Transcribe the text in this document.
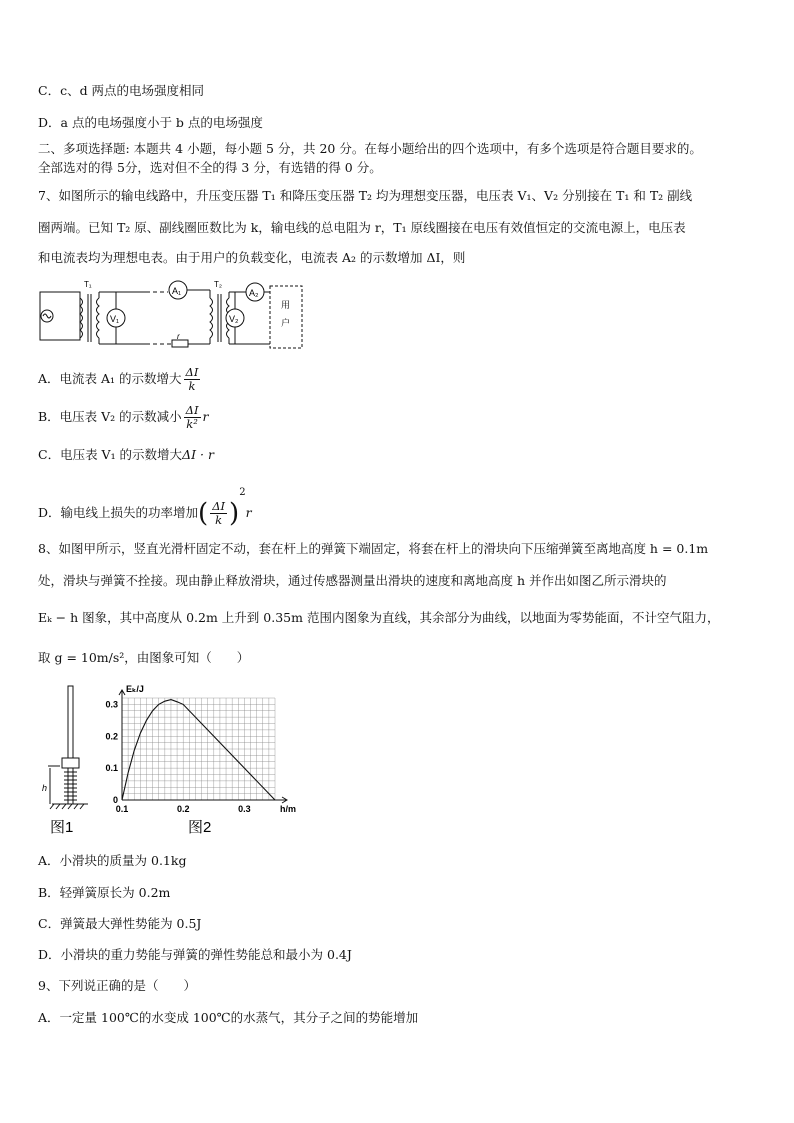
C．c、d 两点的电场强度相同
D．a 点的电场强度小于 b 点的电场强度
二、多项选择题: 本题共 4 小题，每小题 5 分，共 20 分。在每小题给出的四个选项中，有多个选项是符合题目要求的。
全部选对的得 5分，选对但不全的得 3 分，有选错的得 0 分。
7、如图所示的输电线路中，升压变压器 T₁ 和降压变压器 T₂ 均为理想变压器，电压表 V₁、V₂ 分别接在 T₁ 和 T₂ 副线
圈两端。已知 T₂ 原、副线圈匝数比为 k，输电线的总电阻为 r，T₁ 原线圈接在电压有效值恒定的交流电源上，电压表
和电流表均为理想电表。由于用户的负载变化，电流表 A₂ 的示数增加 ΔI，则
T₁	T₂
V₁
A₁
V₂
A₂
r
用
户
A．电流表 A₁ 的示数增大 $\frac{\Delta I}{k}$
B．电压表 V₂ 的示数减小 $\frac{\Delta I}{\text{k²}}$ r
C．电压表 V₁ 的示数增大ΔI · r
D．输电线上损失的功率增加( $\frac{\Delta I}{k} )^2r$
8、如图甲所示，竖直光滑杆固定不动，套在杆上的弹簧下端固定，将套在杆上的滑块向下压缩弹簧至离地高度 h = 0.1m
处，滑块与弹簧不拴接。现由静止释放滑块，通过传感器测量出滑块的速度和离地高度 h 并作出如图乙所示滑块的
Eₖ − h 图象，其中高度从 0.2m 上升到 0.35m 范围内图象为直线，其余部分为曲线，以地面为零势能面，不计空气阻力，
取 g = 10m/s²，由图象可知（　　）
h
图1
0
0.1
0.2
0.3
0.1	0.2	0.3
Eₖ/J
h/m
图2
A．小滑块的质量为 0.1kg
B．轻弹簧原长为 0.2m
C．弹簧最大弹性势能为 0.5J
D．小滑块的重力势能与弹簧的弹性势能总和最小为 0.4J
9、下列说正确的是（　　）
A．一定量 100℃的水变成 100℃的水蒸气，其分子之间的势能增加
